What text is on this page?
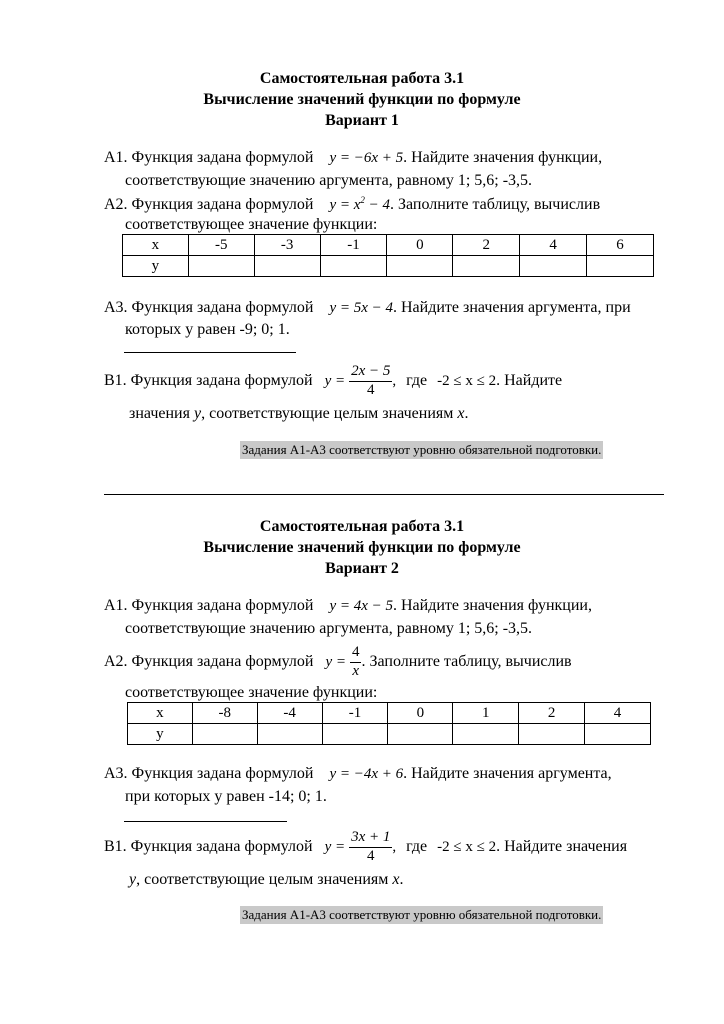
Самостоятельная работа 3.1
Вычисление значений функции по формуле
Вариант 1
А1. Функция задана формулой y = −6x + 5. Найдите значения функции,
соответствующие значению аргумента, равному 1; 5,6; -3,5.
А2. Функция задана формулой $y = x^2 - 4$. Заполните таблицу, вычислив
соответствующее значение функции:
x	-5	-3	-1	0	2	4	6
y							
А3. Функция задана формулой y = 5x − 4. Найдите значения аргумента, при
которых у равен -9; 0; 1.
В1. Функция задана формулой $y = \frac{2x - 5}{4}$ , где -2 ≤ x ≤ 2 . Найдите
значения у, соответствующие целым значениям x.
Задания А1-А3 соответствуют уровню обязательной подготовки.
Самостоятельная работа 3.1
Вычисление значений функции по формуле
Вариант 2
А1. Функция задана формулой y = 4x − 5. Найдите значения функции,
соответствующие значению аргумента, равному 1; 5,6; -3,5.
А2. Функция задана формулой $y = \frac{4}{x}$ . Заполните таблицу, вычислив
соответствующее значение функции:
x	-8	-4	-1	0	1	2	4
y							
А3. Функция задана формулой y = −4x + 6. Найдите значения аргумента,
при которых у равен -14; 0; 1.
В1. Функция задана формулой $y = \frac{3x + 1}{4}$ , где -2 ≤ x ≤ 2 . Найдите значения
y, соответствующие целым значениям x.
Задания А1-А3 соответствуют уровню обязательной подготовки.
